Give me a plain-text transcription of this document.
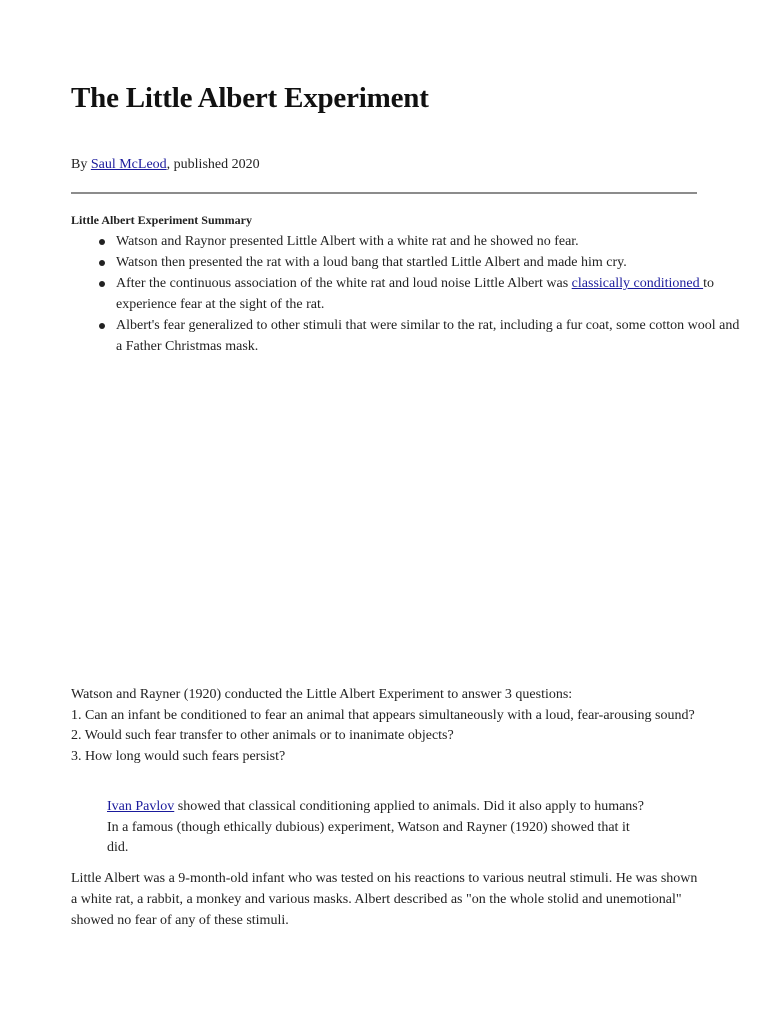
The Little Albert Experiment
By Saul McLeod, published 2020
Little Albert Experiment Summary
Watson and Raynor presented Little Albert with a white rat and he showed no fear.
Watson then presented the rat with a loud bang that startled Little Albert and made him cry.
After the continuous association of the white rat and loud noise Little Albert was classically conditioned to experience fear at the sight of the rat.
Albert's fear generalized to other stimuli that were similar to the rat, including a fur coat, some cotton wool and a Father Christmas mask.
Watson and Rayner (1920) conducted the Little Albert Experiment to answer 3 questions:
1. Can an infant be conditioned to fear an animal that appears simultaneously with a loud, fear-arousing sound?
2. Would such fear transfer to other animals or to inanimate objects?
3. How long would such fears persist?
Ivan Pavlov showed that classical conditioning applied to animals. Did it also apply to humans? In a famous (though ethically dubious) experiment, Watson and Rayner (1920) showed that it did.
Little Albert was a 9-month-old infant who was tested on his reactions to various neutral stimuli. He was shown a white rat, a rabbit, a monkey and various masks. Albert described as "on the whole stolid and unemotional" showed no fear of any of these stimuli.
